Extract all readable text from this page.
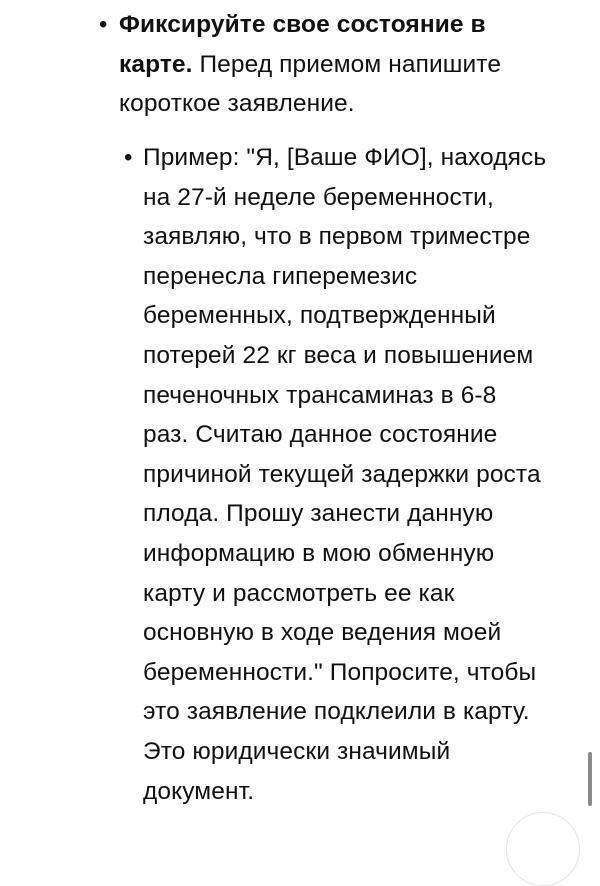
• Фиксируйте свое состояние в
карте. Перед приемом напишите
короткое заявление.
• Пример: "Я, [Ваше ФИО], находясь
на 27-й неделе беременности,
заявляю, что в первом триместре
перенесла гиперемезис
беременных, подтвержденный
потерей 22 кг веса и повышением
печеночных трансаминаз в 6-8
раз. Считаю данное состояние
причиной текущей задержки роста
плода. Прошу занести данную
информацию в мою обменную
карту и рассмотреть ее как
основную в ходе ведения моей
беременности." Попросите, чтобы
это заявление подклеили в карту.
Это юридически значимый
документ.
